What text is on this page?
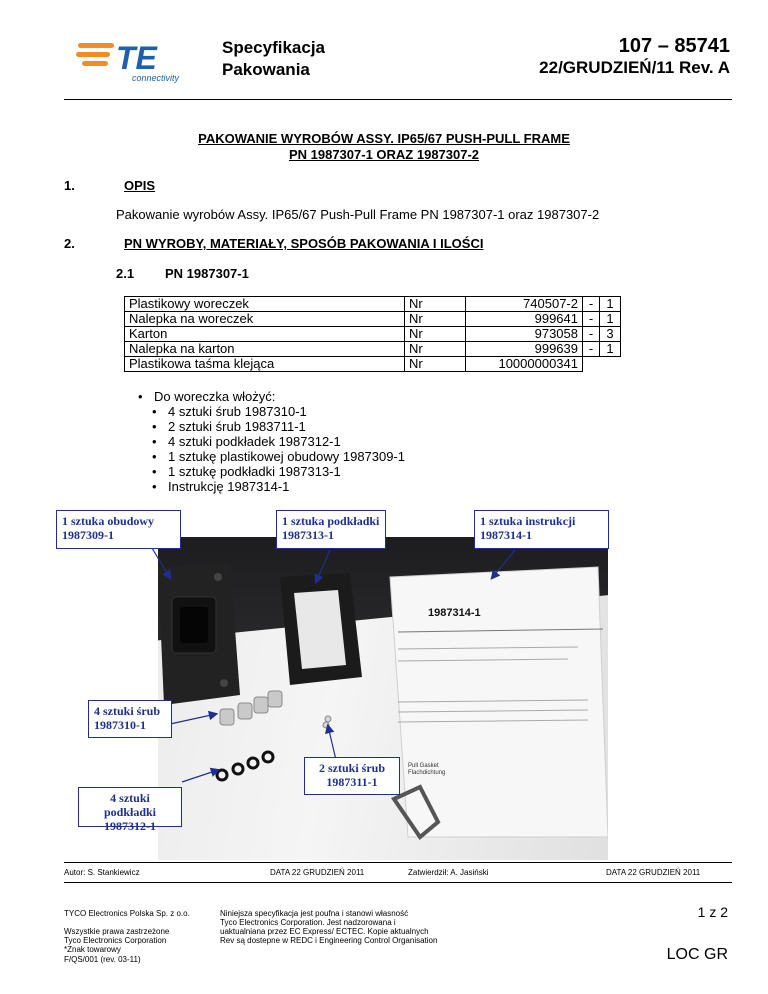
TE
connectivity
Specyfikacja
Pakowania
107 – 85741
22/GRUDZIEŃ/11 Rev. A
PAKOWANIE WYROBÓW ASSY. IP65/67 PUSH-PULL FRAME
PN 1987307-1 ORAZ 1987307-2
1.	OPIS
Pakowanie wyrobów Assy. IP65/67 Push-Pull Frame PN 1987307-1 oraz 1987307-2
2.	PN WYROBY, MATERIAŁY, SPOSÓB PAKOWANIA I ILOŚCI
2.1 PN 1987307-1
Plastikowy woreczek	Nr	740507-2	-	1
Nalepka na woreczek	Nr	999641	-	1
Karton	Nr	973058	-	3
Nalepka na karton	Nr	999639	-	1
Plastikowa taśma klejąca	Nr	10000000341		
• Do woreczka włożyć:
• 4 sztuki śrub 1987310-1
• 2 sztuki śrub 1983711-1
• 4 sztuki podkładek 1987312-1
• 1 sztukę plastikowej obudowy 1987309-1
• 1 sztukę podkładki 1987313-1
• Instrukcję 1987314-1
1987314-1
Pull Gasket Flachdichtung
1 sztuka obudowy
1987309-1
1 sztuka podkładki
1987313-1
1 sztuka instrukcji
1987314-1
4 sztuki śrub
1987310-1
2 sztuki śrub
1987311-1
4 sztuki podkładki
1987312-1
Autor: S. Stankiewicz	DATA 22 GRUDZIEŃ 2011	Zatwierdził: A. Jasiński	DATA 22 GRUDZIEŃ 2011
TYCO Electronics Polska Sp. z o.o.
Wszystkie prawa zastrzeżone
Tyco Electronics Corporation
*Znak towarowy
F/QS/001 (rev. 03-11)
Niniejsza specyfikacja jest poufna i stanowi własność
Tyco Electronics Corporation. Jest nadzorowana i
uaktualniana przez EC Express/ ECTEC. Kopie aktualnych
Rev są dostepne w REDC i Engineering Control Organisation
1 z 2
LOC GR
